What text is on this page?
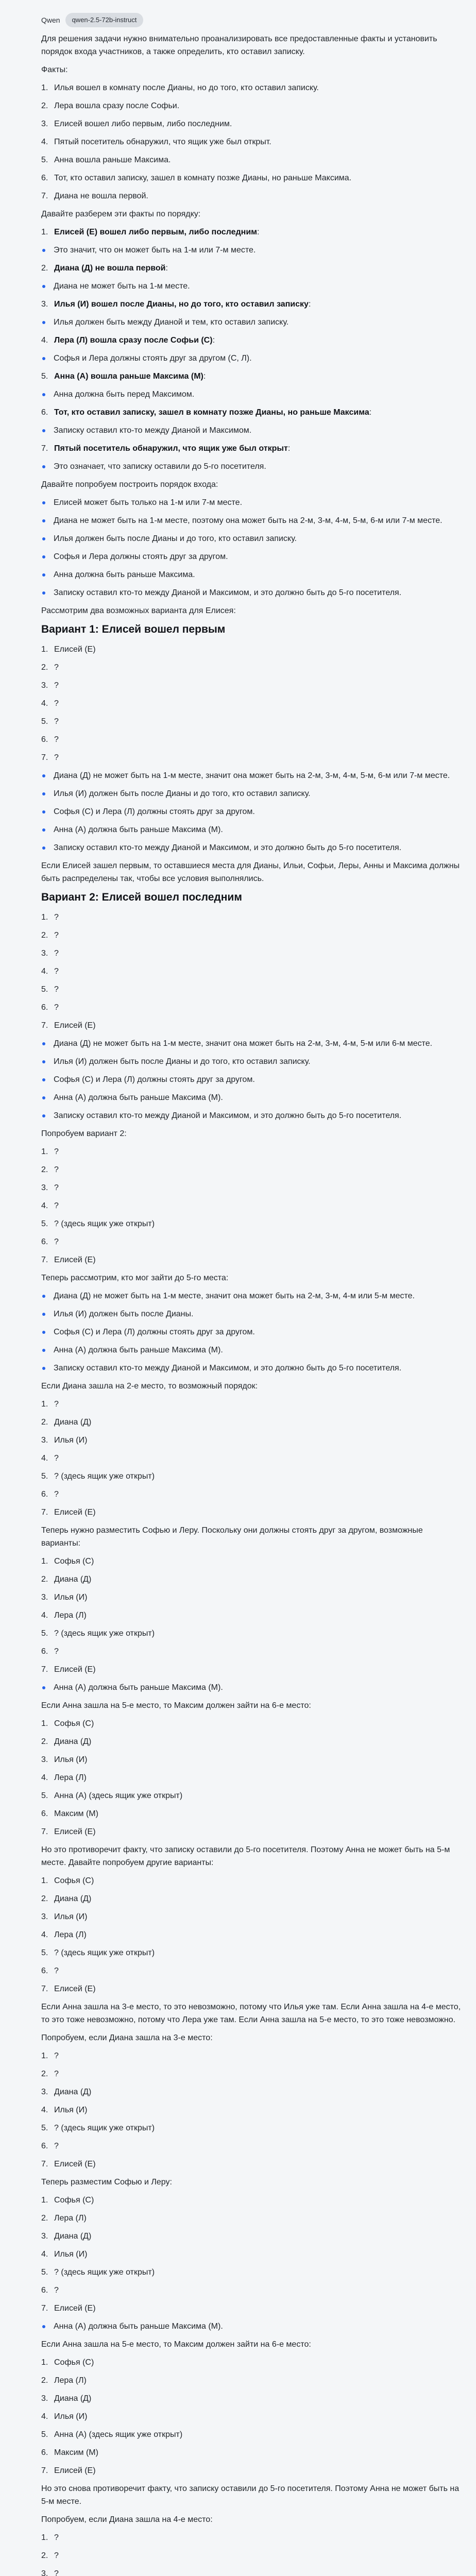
Qwen	qwen-2.5-72b-instruct
Для решения задачи нужно внимательно проанализировать все предоставленные факты и установить порядок входа участников, а также определить, кто оставил записку.
Факты:
1. Илья вошел в комнату после Дианы, но до того, кто оставил записку.
2. Лера вошла сразу после Софьи.
3. Елисей вошел либо первым, либо последним.
4. Пятый посетитель обнаружил, что ящик уже был открыт.
5. Анна вошла раньше Максима.
6. Тот, кто оставил записку, зашел в комнату позже Дианы, но раньше Максима.
7. Диана не вошла первой.
Давайте разберем эти факты по порядку:
1. Елисей (Е) вошел либо первым, либо последним:
Это значит, что он может быть на 1-м или 7-м месте.
2. Диана (Д) не вошла первой:
Диана не может быть на 1-м месте.
3. Илья (И) вошел после Дианы, но до того, кто оставил записку:
Илья должен быть между Дианой и тем, кто оставил записку.
4. Лера (Л) вошла сразу после Софьи (С):
Софья и Лера должны стоять друг за другом (С, Л).
5. Анна (А) вошла раньше Максима (М):
Анна должна быть перед Максимом.
6. Тот, кто оставил записку, зашел в комнату позже Дианы, но раньше Максима:
Записку оставил кто-то между Дианой и Максимом.
7. Пятый посетитель обнаружил, что ящик уже был открыт:
Это означает, что записку оставили до 5-го посетителя.
Давайте попробуем построить порядок входа:
Елисей может быть только на 1-м или 7-м месте.
Диана не может быть на 1-м месте, поэтому она может быть на 2-м, 3-м, 4-м, 5-м, 6-м или 7-м месте.
Илья должен быть после Дианы и до того, кто оставил записку.
Софья и Лера должны стоять друг за другом.
Анна должна быть раньше Максима.
Записку оставил кто-то между Дианой и Максимом, и это должно быть до 5-го посетителя.
Рассмотрим два возможных варианта для Елисея:
Вариант 1: Елисей вошел первым
1. Елисей (Е)
2. ?
3. ?
4. ?
5. ?
6. ?
7. ?
Диана (Д) не может быть на 1-м месте, значит она может быть на 2-м, 3-м, 4-м, 5-м, 6-м или 7-м месте.
Илья (И) должен быть после Дианы и до того, кто оставил записку.
Софья (С) и Лера (Л) должны стоять друг за другом.
Анна (А) должна быть раньше Максима (М).
Записку оставил кто-то между Дианой и Максимом, и это должно быть до 5-го посетителя.
Если Елисей зашел первым, то оставшиеся места для Дианы, Ильи, Софьи, Леры, Анны и Максима должны быть распределены так, чтобы все условия выполнялись.
Вариант 2: Елисей вошел последним
1. ?
2. ?
3. ?
4. ?
5. ?
6. ?
7. Елисей (Е)
Диана (Д) не может быть на 1-м месте, значит она может быть на 2-м, 3-м, 4-м, 5-м или 6-м месте.
Илья (И) должен быть после Дианы и до того, кто оставил записку.
Софья (С) и Лера (Л) должны стоять друг за другом.
Анна (А) должна быть раньше Максима (М).
Записку оставил кто-то между Дианой и Максимом, и это должно быть до 5-го посетителя.
Попробуем вариант 2:
1. ?
2. ?
3. ?
4. ?
5. ? (здесь ящик уже открыт)
6. ?
7. Елисей (Е)
Теперь рассмотрим, кто мог зайти до 5-го места:
Диана (Д) не может быть на 1-м месте, значит она может быть на 2-м, 3-м, 4-м или 5-м месте.
Илья (И) должен быть после Дианы.
Софья (С) и Лера (Л) должны стоять друг за другом.
Анна (А) должна быть раньше Максима (М).
Записку оставил кто-то между Дианой и Максимом, и это должно быть до 5-го посетителя.
Если Диана зашла на 2-е место, то возможный порядок:
1. ?
2. Диана (Д)
3. Илья (И)
4. ?
5. ? (здесь ящик уже открыт)
6. ?
7. Елисей (Е)
Теперь нужно разместить Софью и Леру. Поскольку они должны стоять друг за другом, возможные варианты:
1. Софья (С)
2. Диана (Д)
3. Илья (И)
4. Лера (Л)
5. ? (здесь ящик уже открыт)
6. ?
7. Елисей (Е)
Анна (А) должна быть раньше Максима (М).
Если Анна зашла на 5-е место, то Максим должен зайти на 6-е место:
1. Софья (С)
2. Диана (Д)
3. Илья (И)
4. Лера (Л)
5. Анна (А) (здесь ящик уже открыт)
6. Максим (М)
7. Елисей (Е)
Но это противоречит факту, что записку оставили до 5-го посетителя. Поэтому Анна не может быть на 5-м месте. Давайте попробуем другие варианты:
1. Софья (С)
2. Диана (Д)
3. Илья (И)
4. Лера (Л)
5. ? (здесь ящик уже открыт)
6. ?
7. Елисей (Е)
Если Анна зашла на 3-е место, то это невозможно, потому что Илья уже там. Если Анна зашла на 4-е место, то это тоже невозможно, потому что Лера уже там. Если Анна зашла на 5-е место, то это тоже невозможно.
Попробуем, если Диана зашла на 3-е место:
1. ?
2. ?
3. Диана (Д)
4. Илья (И)
5. ? (здесь ящик уже открыт)
6. ?
7. Елисей (Е)
Теперь разместим Софью и Леру:
1. Софья (С)
2. Лера (Л)
3. Диана (Д)
4. Илья (И)
5. ? (здесь ящик уже открыт)
6. ?
7. Елисей (Е)
Анна (А) должна быть раньше Максима (М).
Если Анна зашла на 5-е место, то Максим должен зайти на 6-е место:
1. Софья (С)
2. Лера (Л)
3. Диана (Д)
4. Илья (И)
5. Анна (А) (здесь ящик уже открыт)
6. Максим (М)
7. Елисей (Е)
Но это снова противоречит факту, что записку оставили до 5-го посетителя. Поэтому Анна не может быть на 5-м месте.
Попробуем, если Диана зашла на 4-е место:
1. ?
2. ?
3. ?
